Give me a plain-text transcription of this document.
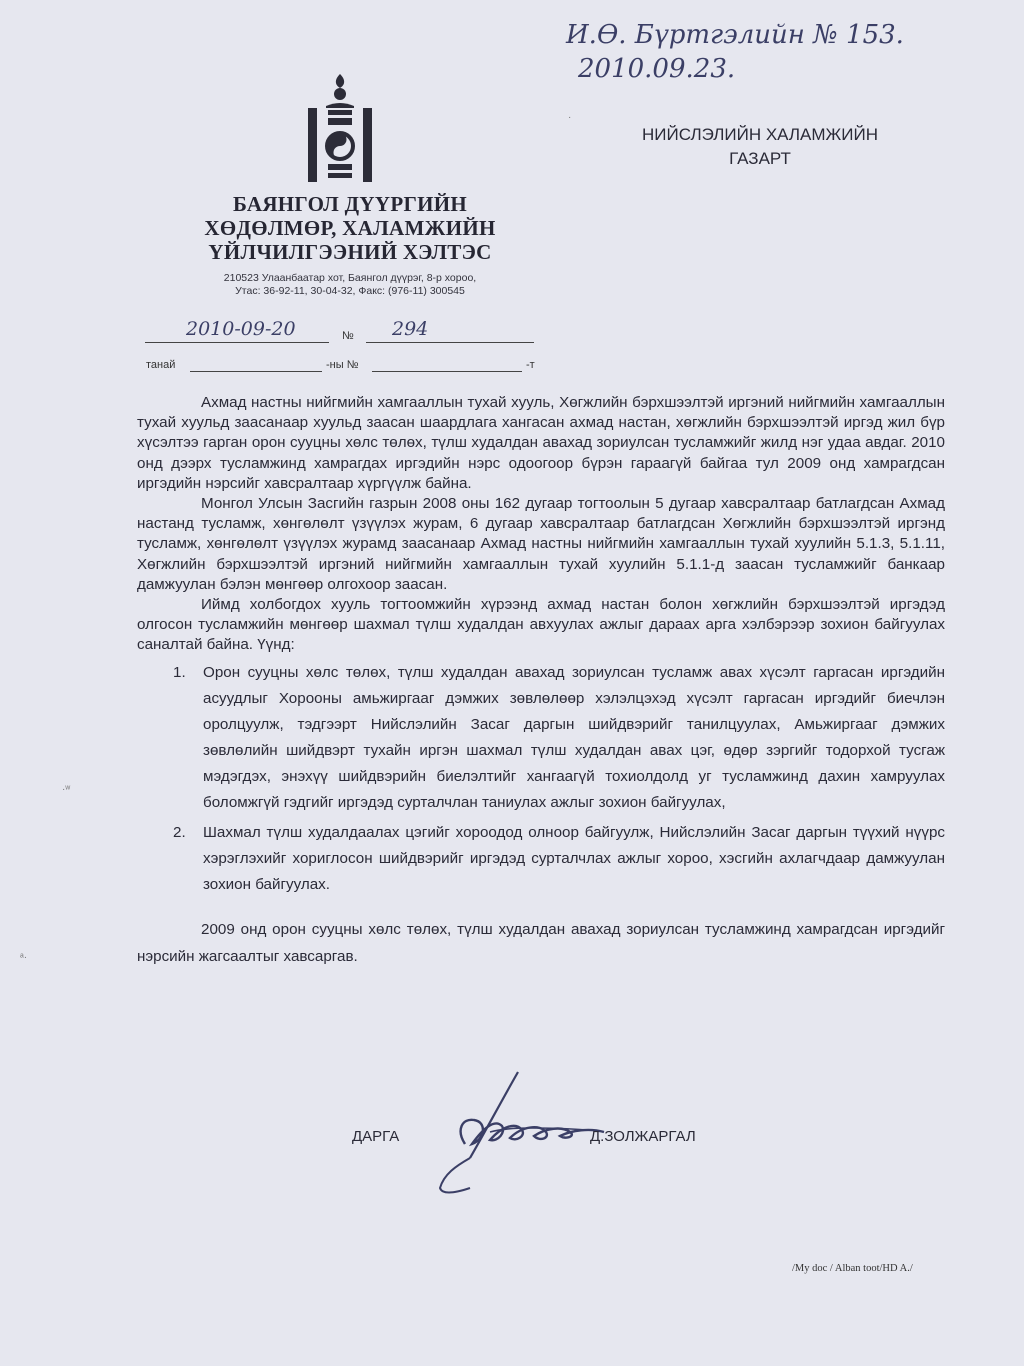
И.Ө. Бүртгэлийн № 153.
2010.09.23.
БАЯНГОЛ ДҮҮРГИЙН
ХӨДӨЛМӨР, ХАЛАМЖИЙН
ҮЙЛЧИЛГЭЭНИЙ ХЭЛТЭС
210523 Улаанбаатар хот, Баянгол дүүрэг, 8-р хороо,
Утас: 36-92-11, 30-04-32, Факс: (976-11) 300545
НИЙСЛЭЛИЙН ХАЛАМЖИЙН
ГАЗАРТ
2010-09-20	№ 294
танай	-ны №	-т

Ахмад настны нийгмийн хамгааллын тухай хууль, Хөгжлийн бэрхшээлтэй иргэний нийгмийн хамгааллын тухай хуульд заасанаар хуульд заасан шаардлага хангасан ахмад настан, хөгжлийн бэрхшээлтэй иргэд жил бүр хүсэлтээ гарган орон сууцны хөлс төлөх, түлш худалдан авахад зориулсан тусламжийг жилд нэг удаа авдаг. 2010 онд дээрх тусламжинд хамрагдах иргэдийн нэрс одоогоор бүрэн гараагүй байгаа тул 2009 онд хамрагдсан иргэдийн нэрсийг хавсралтаар хүргүүлж байна.

Монгол Улсын Засгийн газрын 2008 оны 162 дугаар тогтоолын 5 дугаар хавсралтаар батлагдсан Ахмад настанд тусламж, хөнгөлөлт үзүүлэх журам, 6 дугаар хавсралтаар батлагдсан Хөгжлийн бэрхшээлтэй иргэнд тусламж, хөнгөлөлт үзүүлэх журамд заасанаар Ахмад настны нийгмийн хамгааллын тухай хуулийн 5.1.3, 5.1.11, Хөгжлийн бэрхшээлтэй иргэний нийгмийн хамгааллын тухай хуулийн 5.1.1-д заасан тусламжийг банкаар дамжуулан бэлэн мөнгөөр олгохоор заасан.

Иймд холбогдох хууль тогтоомжийн хүрээнд ахмад настан болон хөгжлийн бэрхшээлтэй иргэдэд олгосон тусламжийн мөнгөөр шахмал түлш худалдан авхуулах ажлыг дараах арга хэлбэрээр зохион байгуулах саналтай байна. Үүнд:

1. Орон сууцны хөлс төлөх, түлш худалдан авахад зориулсан тусламж авах хүсэлт гаргасан иргэдийн асуудлыг Хорооны амьжиргааг дэмжих зөвлөлөөр хэлэлцэхэд хүсэлт гаргасан иргэдийг биечлэн оролцуулж, тэдгээрт Нийслэлийн Засаг даргын шийдвэрийг танилцуулах, Амьжиргааг дэмжих зөвлөлийн шийдвэрт тухайн иргэн шахмал түлш худалдан авах цэг, өдөр зэргийг тодорхой тусгаж мэдэгдэх, энэхүү шийдвэрийн биелэлтийг хангаагүй тохиолдолд уг тусламжинд дахин хамруулах боломжгүй гэдгийг иргэдэд сурталчлан таниулах ажлыг зохион байгуулах,

2. Шахмал түлш худалдаалах цэгийг хороодод олноор байгуулж, Нийслэлийн Засаг даргын түүхий нүүрс хэрэглэхийг хориглосон шийдвэрийг иргэдэд сурталчлах ажлыг хороо, хэсгийн ахлагчдаар дамжуулан зохион байгуулах.

2009 онд орон сууцны хөлс төлөх, түлш худалдан авахад зориулсан тусламжинд хамрагдсан иргэдийг нэрсийн жагсаалтыг хавсаргав.

ДАРГА	Д.ЗОЛЖАРГАЛ
/My doc / Alban toot/HD A./
·ʷ
ᵃ·
·
